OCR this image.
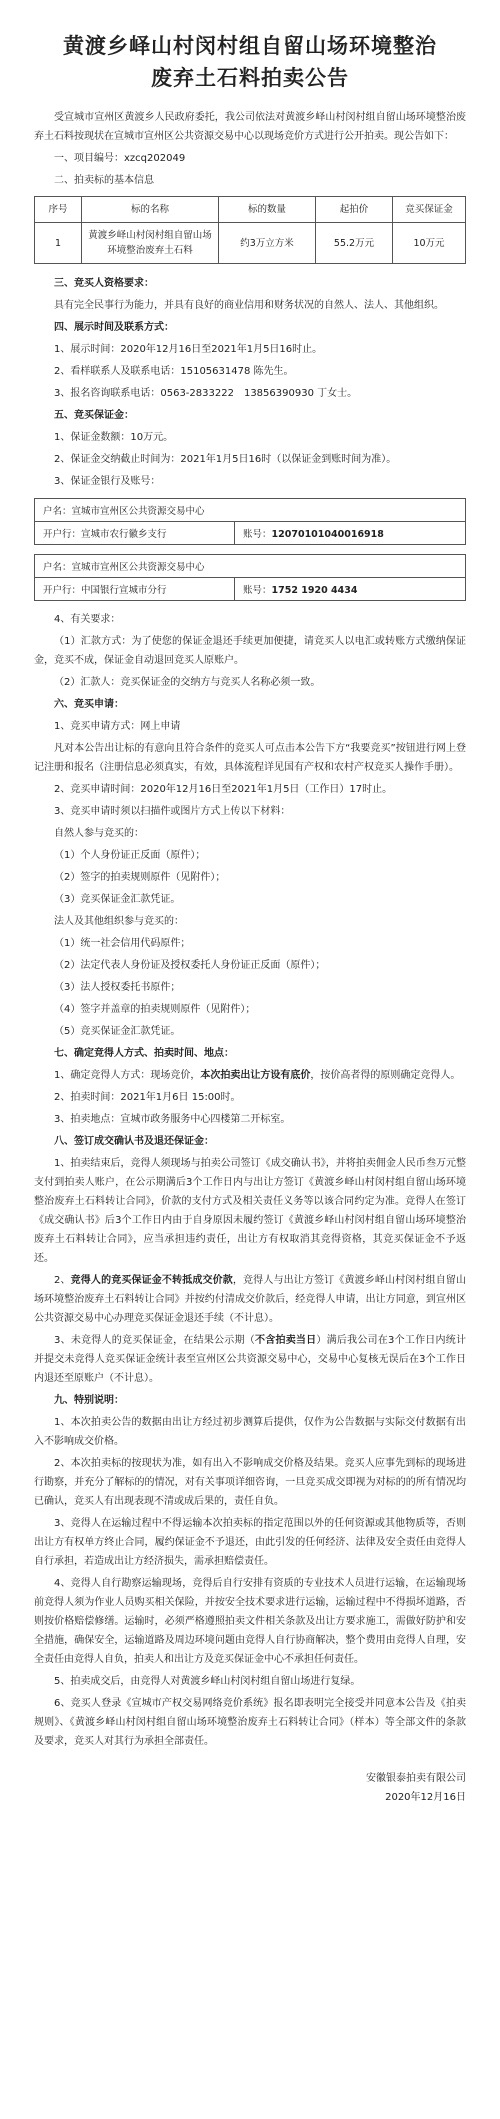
黄渡乡峄山村闵村组自留山场环境整治
废弃土石料拍卖公告

受宣城市宣州区黄渡乡人民政府委托，我公司依法对黄渡乡峄山村闵村组自留山场环境整治废弃土石料按现状在宣城市宣州区公共资源交易中心以现场竞价方式进行公开拍卖。现公告如下：

一、项目编号：xzcq202049

二、拍卖标的基本信息

序号	标的名称	标的数量	起拍价	竞买保证金
1	黄渡乡峄山村闵村组自留山场环境整治废弃土石料	约3万立方米	55.2万元	10万元

三、竞买人资格要求：

具有完全民事行为能力，并具有良好的商业信用和财务状况的自然人、法人、其他组织。

四、展示时间及联系方式：

1、展示时间：2020年12月16日至2021年1月5日16时止。

2、看样联系人及联系电话：15105631478 陈先生。

3、报名咨询联系电话：0563-2833222　13856390930 丁女士。

五、竞买保证金：

1、保证金数额：10万元。

2、保证金交纳截止时间为：2021年1月5日16时（以保证金到账时间为准）。

3、保证金银行及账号：

户名：宣城市宣州区公共资源交易中心
开户行：宣城市农行徽乡支行	账号：12070101040016918
户名：宣城市宣州区公共资源交易中心
开户行：中国银行宣城市分行	账号：1752 1920 4434

4、有关要求：

（1）汇款方式：为了使您的保证金退还手续更加便捷，请竞买人以电汇或转账方式缴纳保证金，竞买不成，保证金自动退回竞买人原账户。

（2）汇款人：竞买保证金的交纳方与竞买人名称必须一致。

六、竞买申请：

1、竞买申请方式：网上申请

凡对本公告出让标的有意向且符合条件的竞买人可点击本公告下方“我要竞买”按钮进行网上登记注册和报名（注册信息必须真实，有效，具体流程详见国有产权和农村产权竞买人操作手册）。

2、竞买申请时间：2020年12月16日至2021年1月5日（工作日）17时止。

3、竞买申请时须以扫描件或图片方式上传以下材料：

自然人参与竞买的：

（1）个人身份证正反面（原件）；

（2）签字的拍卖规则原件（见附件）；

（3）竞买保证金汇款凭证。

法人及其他组织参与竞买的：

（1）统一社会信用代码原件；

（2）法定代表人身份证及授权委托人身份证正反面（原件）；

（3）法人授权委托书原件；

（4）签字并盖章的拍卖规则原件（见附件）；

（5）竞买保证金汇款凭证。

七、确定竞得人方式、拍卖时间、地点：

1、确定竞得人方式：现场竞价，本次拍卖出让方设有底价，按价高者得的原则确定竞得人。

2、拍卖时间：2021年1月6日 15:00时。

3、拍卖地点：宣城市政务服务中心四楼第二开标室。

八、签订成交确认书及退还保证金：

1、拍卖结束后，竞得人须现场与拍卖公司签订《成交确认书》，并将拍卖佣金人民币叁万元整支付到拍卖人账户，在公示期满后3个工作日内与出让方签订《黄渡乡峄山村闵村组自留山场环境整治废弃土石料转让合同》，价款的支付方式及相关责任义务等以该合同约定为准。竞得人在签订《成交确认书》后3个工作日内由于自身原因未履约签订《黄渡乡峄山村闵村组自留山场环境整治废弃土石料转让合同》，应当承担违约责任，出让方有权取消其竞得资格，其竞买保证金不予返还。

2、竞得人的竞买保证金不转抵成交价款，竞得人与出让方签订《黄渡乡峄山村闵村组自留山场环境整治废弃土石料转让合同》并按约付清成交价款后，经竞得人申请，出让方同意，到宣州区公共资源交易中心办理竞买保证金退还手续（不计息）。

3、未竞得人的竞买保证金，在结果公示期（不含拍卖当日）满后我公司在3个工作日内统计并提交未竞得人竞买保证金统计表至宣州区公共资源交易中心，交易中心复核无误后在3个工作日内退还至原账户（不计息）。

九、特别说明：

1、本次拍卖公告的数据由出让方经过初步测算后提供，仅作为公告数据与实际交付数据有出入不影响成交价格。

2、本次拍卖标的按现状为准，如有出入不影响成交价格及结果。竞买人应事先到标的现场进行勘察，并充分了解标的的情况，对有关事项详细咨询，一旦竞买成交即视为对标的的所有情况均已确认，竞买人有出现表现不清或成后果的，责任自负。

3、竞得人在运输过程中不得运输本次拍卖标的指定范围以外的任何资源或其他物质等，否则出让方有权单方终止合同，履约保证金不予退还，由此引发的任何经济、法律及安全责任由竞得人自行承担，若造成出让方经济损失，需承担赔偿责任。

4、竞得人自行勘察运输现场，竞得后自行安排有资质的专业技术人员进行运输，在运输现场前竞得人须为作业人员购买相关保险，并按安全技术要求进行运输，运输过程中不得损坏道路，否则按价格赔偿修缮。运输时，必须严格遵照拍卖文件相关条款及出让方要求施工，需做好防护和安全措施，确保安全，运输道路及周边环境问题由竞得人自行协商解决，整个费用由竞得人自理，安全责任由竞得人自负，拍卖人和出让方及竞买保证金中心不承担任何责任。

5、拍卖成交后，由竞得人对黄渡乡峄山村闵村组自留山场进行复绿。

6、竞买人登录《宣城市产权交易网络竞价系统》报名即表明完全接受并同意本公告及《拍卖规则》、《黄渡乡峄山村闵村组自留山场环境整治废弃土石料转让合同》（样本）等全部文件的条款及要求，竞买人对其行为承担全部责任。

安徽银泰拍卖有限公司
2020年12月16日
